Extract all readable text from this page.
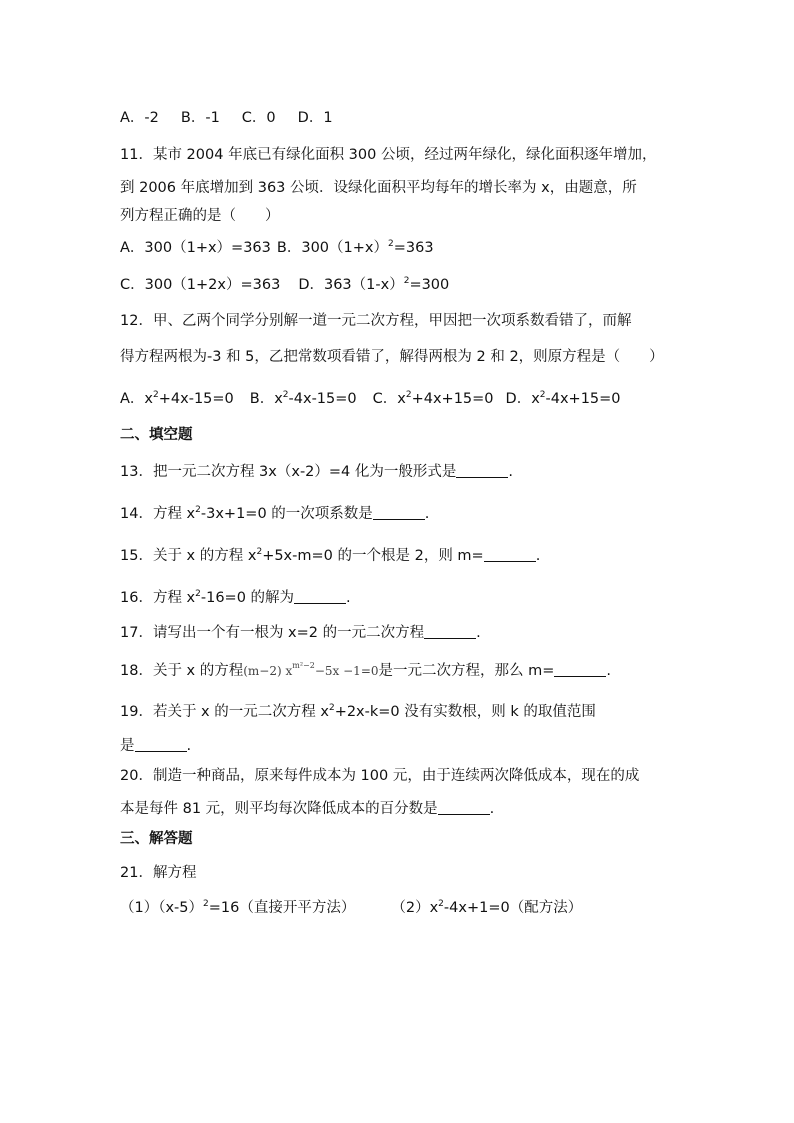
A．-2 B．-1 C．0 D．1
11．某市 2004 年底已有绿化面积 300 公顷，经过两年绿化，绿化面积逐年增加，
到 2006 年底增加到 363 公顷．设绿化面积平均每年的增长率为 x，由题意，所
列方程正确的是（　　）
A．300（1+x）=363 B．$300(1+x)^2=363$
C．300（1+2x）=363 D．$363(1-x)^2=300$
12．甲、乙两个同学分别解一道一元二次方程，甲因把一次项系数看错了，而解
得方程两根为-3 和 5，乙把常数项看错了，解得两根为 2 和 2，则原方程是（　　）
A．$x^2+4x-15=0$ B．$x^2-4x-15=0$ C．$x^2+4x+15=0$ D．$x^2-4x+15=0$
二、填空题
13．把一元二次方程 3x（x-2）=4 化为一般形式是	.
14．方程 $x^2-3x+1=0$ 的一次项系数是	.
15．关于 x 的方程 $x^2+5x-m=0$ 的一个根是 2，则 m=	.
16．方程 $x^2-16=0$ 的解为	.
17．请写出一个有一根为 x=2 的一元二次方程	.
18．关于 x 的方程(m−2) $x^{m^2-2}-5x -1=0$是一元二次方程，那么 m=	.
19．若关于 x 的一元二次方程 $x^2+2x-k=0$ 没有实数根，则 k 的取值范围
是	.
20．制造一种商品，原来每件成本为 100 元，由于连续两次降低成本，现在的成
本是每件 81 元，则平均每次降低成本的百分数是	.
三、解答题
21．解方程
$(1)(x-5)^2=16$（直接开平方法） $(2)x^2-4x+1=0$（配方法）
